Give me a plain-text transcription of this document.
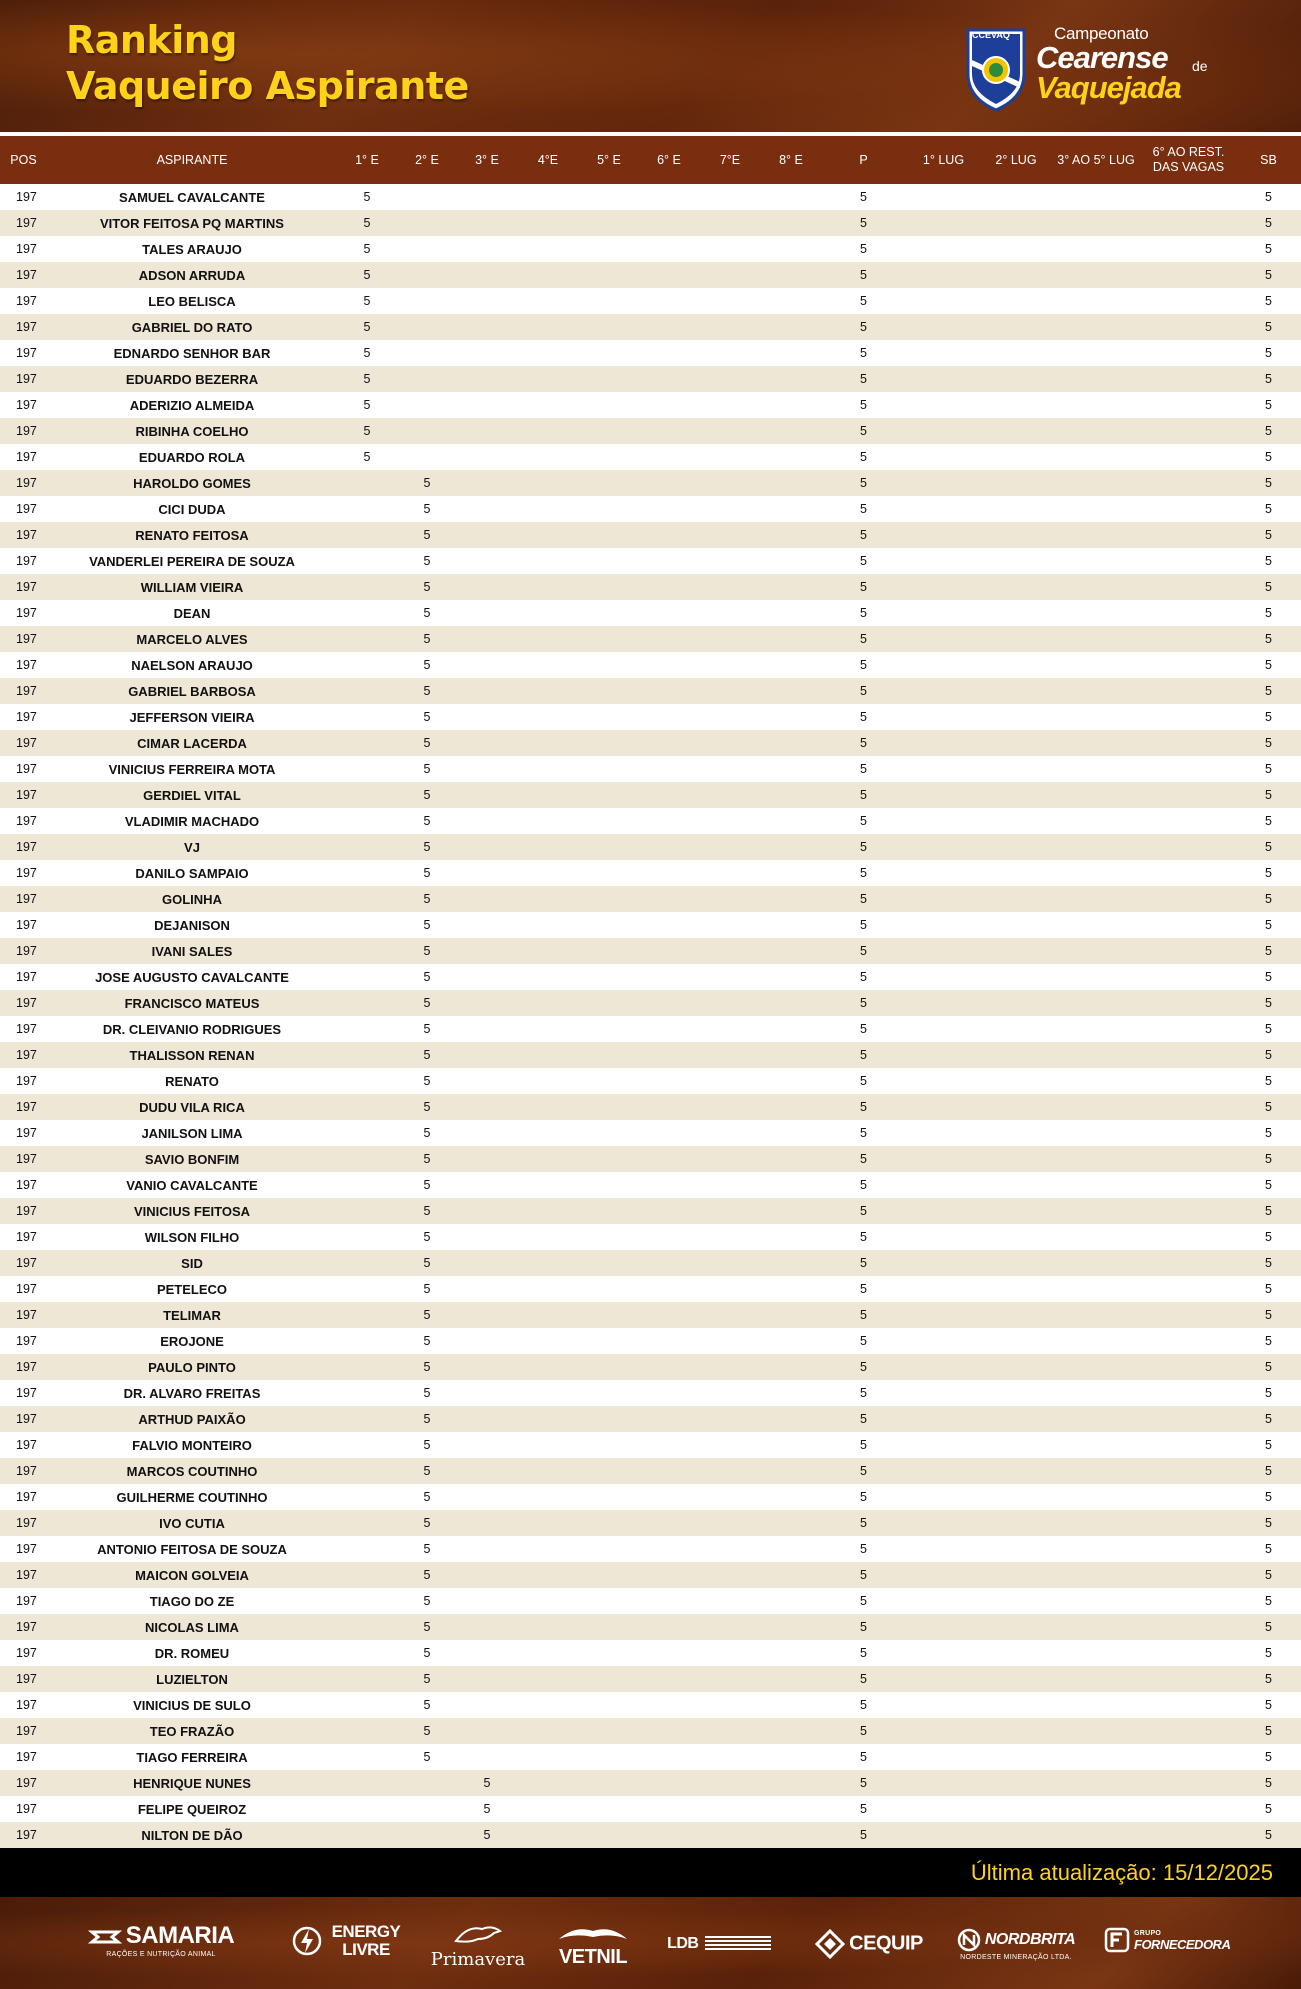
Ranking
Vaqueiro Aspirante
CCEVAQ	Campeonato
Cearense de
Vaquejada
POS	ASPIRANTE	1° E	2° E	3° E	4°E	5° E	6° E	7°E	8° E	P	1° LUG	2° LUG	3° AO 5° LUG	6° AO REST. DAS VAGAS	SB
197	SAMUEL CAVALCANTE	5								5					5
197	VITOR FEITOSA PQ MARTINS	5								5					5
197	TALES ARAUJO	5								5					5
197	ADSON ARRUDA	5								5					5
197	LEO BELISCA	5								5					5
197	GABRIEL DO RATO	5								5					5
197	EDNARDO SENHOR BAR	5								5					5
197	EDUARDO BEZERRA	5								5					5
197	ADERIZIO ALMEIDA	5								5					5
197	RIBINHA COELHO	5								5					5
197	EDUARDO ROLA	5								5					5
197	HAROLDO GOMES		5							5					5
197	CICI DUDA		5							5					5
197	RENATO FEITOSA		5							5					5
197	VANDERLEI PEREIRA DE SOUZA		5							5					5
197	WILLIAM VIEIRA		5							5					5
197	DEAN		5							5					5
197	MARCELO ALVES		5							5					5
197	NAELSON ARAUJO		5							5					5
197	GABRIEL BARBOSA		5							5					5
197	JEFFERSON VIEIRA		5							5					5
197	CIMAR LACERDA		5							5					5
197	VINICIUS FERREIRA MOTA		5							5					5
197	GERDIEL VITAL		5							5					5
197	VLADIMIR MACHADO		5							5					5
197	VJ		5							5					5
197	DANILO SAMPAIO		5							5					5
197	GOLINHA		5							5					5
197	DEJANISON		5							5					5
197	IVANI SALES		5							5					5
197	JOSE AUGUSTO CAVALCANTE		5							5					5
197	FRANCISCO MATEUS		5							5					5
197	DR. CLEIVANIO RODRIGUES		5							5					5
197	THALISSON RENAN		5							5					5
197	RENATO		5							5					5
197	DUDU VILA RICA		5							5					5
197	JANILSON LIMA		5							5					5
197	SAVIO BONFIM		5							5					5
197	VANIO CAVALCANTE		5							5					5
197	VINICIUS FEITOSA		5							5					5
197	WILSON FILHO		5							5					5
197	SID		5							5					5
197	PETELECO		5							5					5
197	TELIMAR		5							5					5
197	EROJONE		5							5					5
197	PAULO PINTO		5							5					5
197	DR. ALVARO FREITAS		5							5					5
197	ARTHUD PAIXÃO		5							5					5
197	FALVIO MONTEIRO		5							5					5
197	MARCOS COUTINHO		5							5					5
197	GUILHERME COUTINHO		5							5					5
197	IVO CUTIA		5							5					5
197	ANTONIO FEITOSA DE SOUZA		5							5					5
197	MAICON GOLVEIA		5							5					5
197	TIAGO DO ZE		5							5					5
197	NICOLAS LIMA		5							5					5
197	DR. ROMEU		5							5					5
197	LUZIELTON		5							5					5
197	VINICIUS DE SULO		5							5					5
197	TEO FRAZÃO		5							5					5
197	TIAGO FERREIRA		5							5					5
197	HENRIQUE NUNES			5						5					5
197	FELIPE QUEIROZ			5						5					5
197	NILTON DE DÃO			5						5					5
Última atualização: 15/12/2025
SAMARIA
RAÇÕES E NUTRIÇÃO ANIMAL
ENERGY LIVRE	Primavera	VETNIL
LDB	CEQUIP	NORDBRITA
NORDESTE MINERAÇÃO LTDA.
GRUPO
FORNECEDORA
